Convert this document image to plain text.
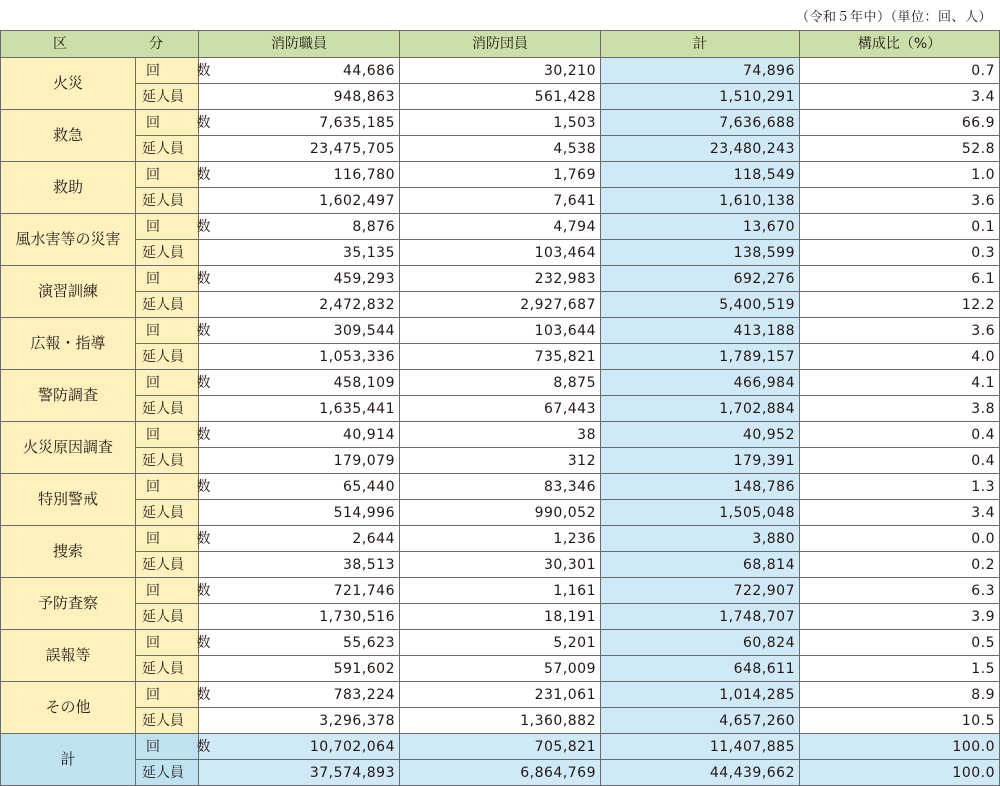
（令和５年中）（単位：回、人）
区 分		消防職員	消防団員	計	構成比（%）
火災	回 数	44,686	30,210	74,896	0.7
	延人員	948,863	561,428	1,510,291	3.4
救急	回 数	7,635,185	1,503	7,636,688	66.9
	延人員	23,475,705	4,538	23,480,243	52.8
救助	回 数	116,780	1,769	118,549	1.0
	延人員	1,602,497	7,641	1,610,138	3.6
風水害等の災害	回 数	8,876	4,794	13,670	0.1
	延人員	35,135	103,464	138,599	0.3
演習訓練	回 数	459,293	232,983	692,276	6.1
	延人員	2,472,832	2,927,687	5,400,519	12.2
広報・指導	回 数	309,544	103,644	413,188	3.6
	延人員	1,053,336	735,821	1,789,157	4.0
警防調査	回 数	458,109	8,875	466,984	4.1
	延人員	1,635,441	67,443	1,702,884	3.8
火災原因調査	回 数	40,914	38	40,952	0.4
	延人員	179,079	312	179,391	0.4
特別警戒	回 数	65,440	83,346	148,786	1.3
	延人員	514,996	990,052	1,505,048	3.4
捜索	回 数	2,644	1,236	3,880	0.0
	延人員	38,513	30,301	68,814	0.2
予防査察	回 数	721,746	1,161	722,907	6.3
	延人員	1,730,516	18,191	1,748,707	3.9
誤報等	回 数	55,623	5,201	60,824	0.5
	延人員	591,602	57,009	648,611	1.5
その他	回 数	783,224	231,061	1,014,285	8.9
	延人員	3,296,378	1,360,882	4,657,260	10.5
計	回 数	10,702,064	705,821	11,407,885	100.0
	延人員	37,574,893	6,864,769	44,439,662	100.0
